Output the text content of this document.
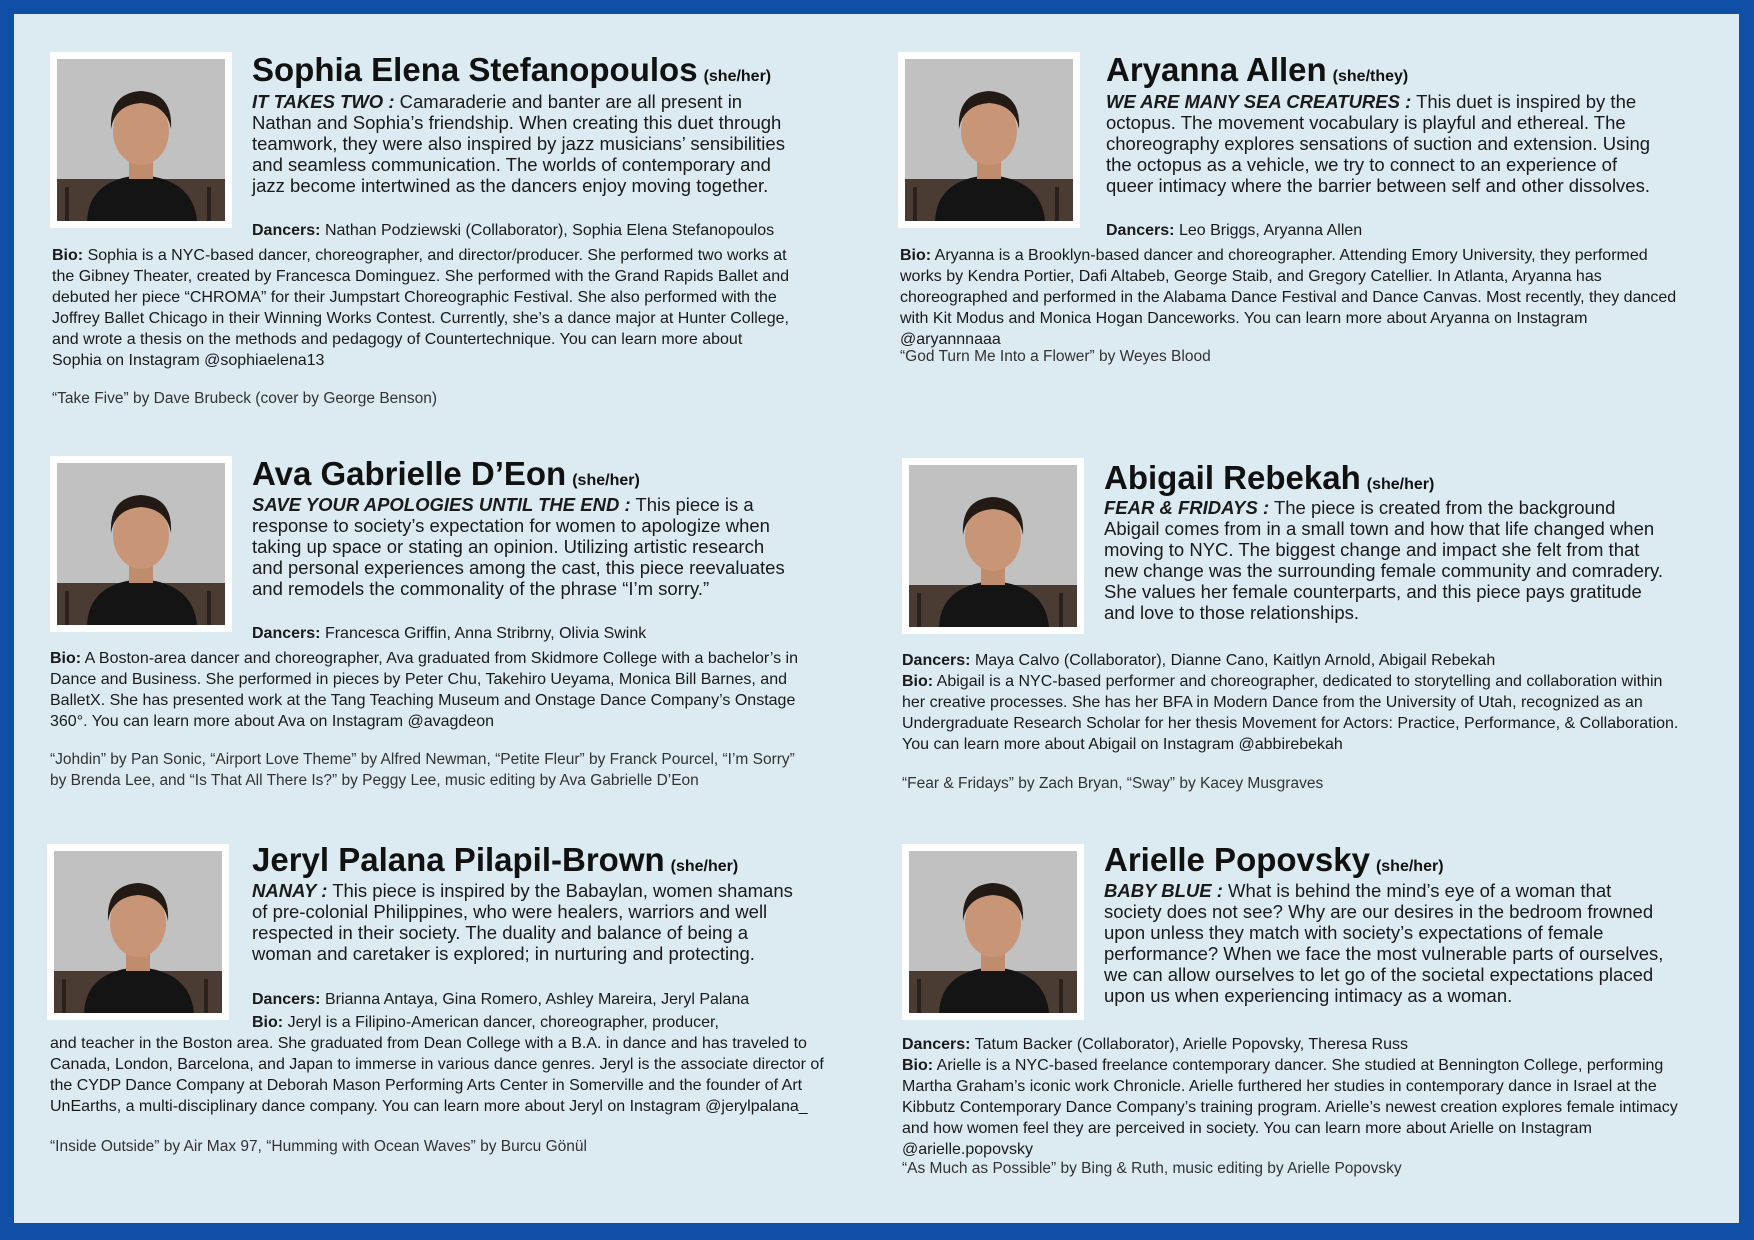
Sophia Elena Stefanopoulos (she/her)
IT TAKES TWO : Camaraderie and banter are all present in Nathan and Sophia’s friendship. When creating this duet through teamwork, they were also inspired by jazz musicians’ sensibilities and seamless communication. The worlds of contemporary and jazz become intertwined as the dancers enjoy moving together.
Dancers: Nathan Podziewski (Collaborator), Sophia Elena Stefanopoulos
Bio: Sophia is a NYC-based dancer, choreographer, and director/producer. She performed two works at the Gibney Theater, created by Francesca Dominguez. She performed with the Grand Rapids Ballet and debuted her piece “CHROMA” for their Jumpstart Choreographic Festival. She also performed with the Joffrey Ballet Chicago in their Winning Works Contest. Currently, she’s a dance major at Hunter College, and wrote a thesis on the methods and pedagogy of Countertechnique. You can learn more about Sophia on Instagram @sophiaelena13
“Take Five” by Dave Brubeck (cover by George Benson)
Aryanna Allen (she/they)
WE ARE MANY SEA CREATURES : This duet is inspired by the octopus. The movement vocabulary is playful and ethereal. The choreography explores sensations of suction and extension. Using the octopus as a vehicle, we try to connect to an experience of queer intimacy where the barrier between self and other dissolves.
Dancers: Leo Briggs, Aryanna Allen
Bio: Aryanna is a Brooklyn-based dancer and choreographer. Attending Emory University, they performed works by Kendra Portier, Dafi Altabeb, George Staib, and Gregory Catellier. In Atlanta, Aryanna has choreographed and performed in the Alabama Dance Festival and Dance Canvas. Most recently, they danced with Kit Modus and Monica Hogan Danceworks. You can learn more about Aryanna on Instagram @aryannnaaa
“God Turn Me Into a Flower” by Weyes Blood
Ava Gabrielle D’Eon (she/her)
SAVE YOUR APOLOGIES UNTIL THE END : This piece is a response to society’s expectation for women to apologize when taking up space or stating an opinion. Utilizing artistic research and personal experiences among the cast, this piece reevaluates and remodels the commonality of the phrase “I’m sorry.”
Dancers: Francesca Griffin, Anna Stribrny, Olivia Swink
Bio: A Boston-area dancer and choreographer, Ava graduated from Skidmore College with a bachelor’s in Dance and Business. She performed in pieces by Peter Chu, Takehiro Ueyama, Monica Bill Barnes, and BalletX. She has presented work at the Tang Teaching Museum and Onstage Dance Company’s Onstage 360°. You can learn more about Ava on Instagram @avagdeon
“Johdin” by Pan Sonic, “Airport Love Theme” by Alfred Newman, “Petite Fleur” by Franck Pourcel, “I’m Sorry” by Brenda Lee, and “Is That All There Is?” by Peggy Lee, music editing by Ava Gabrielle D’Eon
Abigail Rebekah (she/her)
FEAR & FRIDAYS : The piece is created from the background Abigail comes from in a small town and how that life changed when moving to NYC. The biggest change and impact she felt from that new change was the surrounding female community and comradery. She values her female counterparts, and this piece pays gratitude and love to those relationships.
Dancers: Maya Calvo (Collaborator), Dianne Cano, Kaitlyn Arnold, Abigail Rebekah
Bio: Abigail is a NYC-based performer and choreographer, dedicated to storytelling and collaboration within her creative processes. She has her BFA in Modern Dance from the University of Utah, recognized as an Undergraduate Research Scholar for her thesis Movement for Actors: Practice, Performance, & Collaboration. You can learn more about Abigail on Instagram @abbirebekah
“Fear & Fridays” by Zach Bryan, “Sway” by Kacey Musgraves
Jeryl Palana Pilapil-Brown (she/her)
NANAY : This piece is inspired by the Babaylan, women shamans of pre-colonial Philippines, who were healers, warriors and well respected in their society. The duality and balance of being a woman and caretaker is explored; in nurturing and protecting.
Dancers: Brianna Antaya, Gina Romero, Ashley Mareira, Jeryl Palana
Bio: Jeryl is a Filipino-American dancer, choreographer, producer,
and teacher in the Boston area. She graduated from Dean College with a B.A. in dance and has traveled to Canada, London, Barcelona, and Japan to immerse in various dance genres. Jeryl is the associate director of the CYDP Dance Company at Deborah Mason Performing Arts Center in Somerville and the founder of Art UnEarths, a multi-disciplinary dance company. You can learn more about Jeryl on Instagram @jerylpalana_
“Inside Outside” by Air Max 97, “Humming with Ocean Waves” by Burcu Gönül
Arielle Popovsky (she/her)
BABY BLUE : What is behind the mind’s eye of a woman that society does not see? Why are our desires in the bedroom frowned upon unless they match with society’s expectations of female performance? When we face the most vulnerable parts of ourselves, we can allow ourselves to let go of the societal expectations placed upon us when experiencing intimacy as a woman.
Dancers: Tatum Backer (Collaborator), Arielle Popovsky, Theresa Russ
Bio: Arielle is a NYC-based freelance contemporary dancer. She studied at Bennington College, performing Martha Graham’s iconic work Chronicle. Arielle furthered her studies in contemporary dance in Israel at the Kibbutz Contemporary Dance Company’s training program. Arielle’s newest creation explores female intimacy and how women feel they are perceived in society. You can learn more about Arielle on Instagram @arielle.popovsky
“As Much as Possible” by Bing & Ruth, music editing by Arielle Popovsky
